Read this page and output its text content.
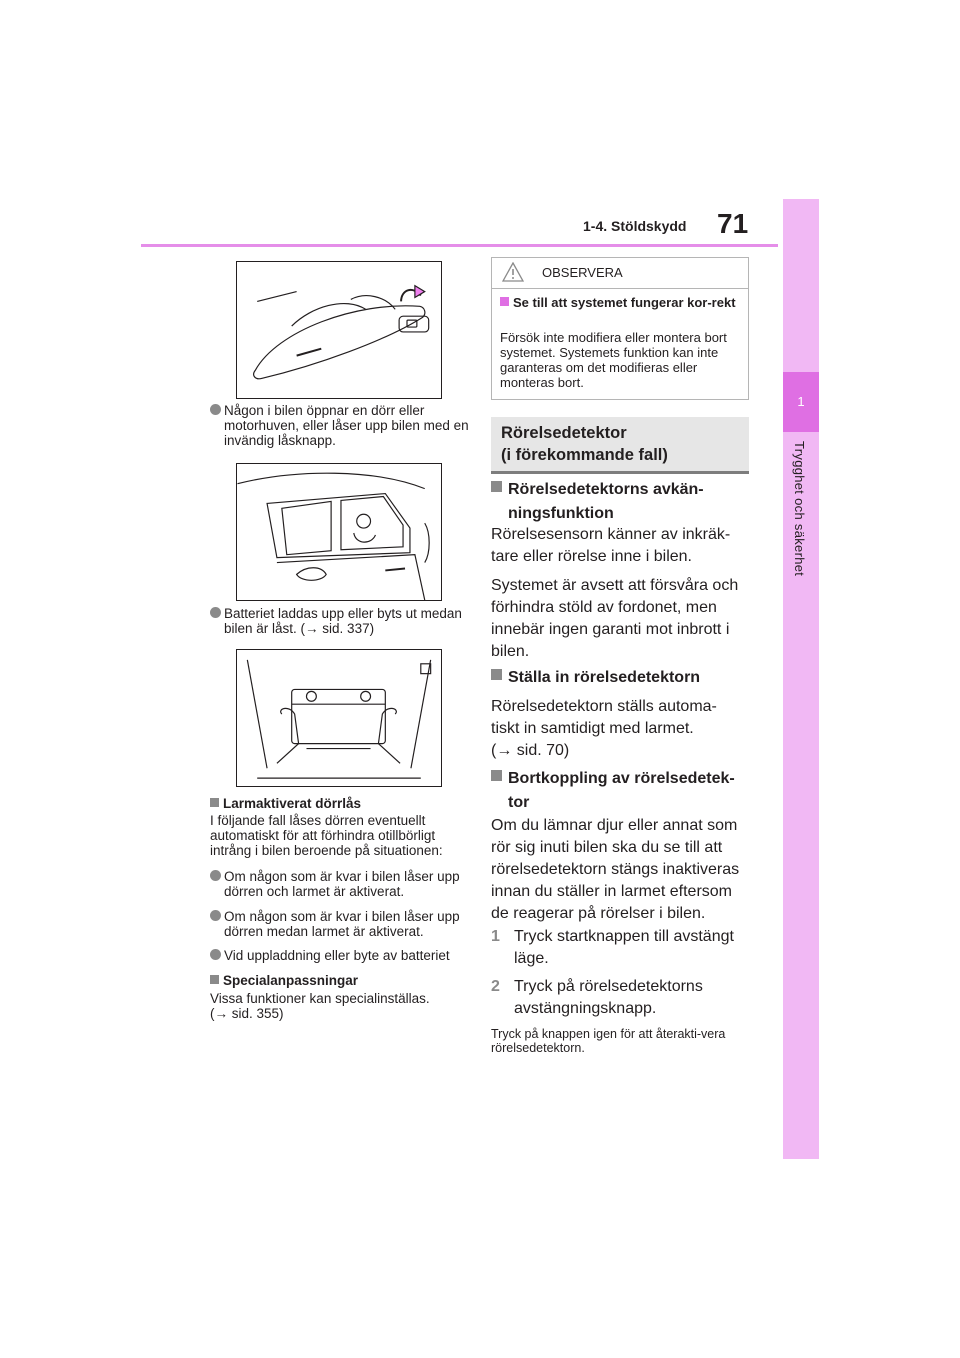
1-4. Stöldskydd 71
1
Trygghet och säkerhet
Någon i bilen öppnar en dörr eller motorhuven, eller låser upp bilen med en invändig låsknapp.
Batteriet laddas upp eller byts ut medan bilen är låst. (→ sid. 337)
Larmaktiverat dörrlås
I följande fall låses dörren eventuellt automatiskt för att förhindra otillbörligt intrång i bilen beroende på situationen:
Om någon som är kvar i bilen låser upp dörren och larmet är aktiverat.
Om någon som är kvar i bilen låser upp dörren medan larmet är aktiverat.
Vid uppladdning eller byte av batteriet
Specialanpassningar
Vissa funktioner kan specialinställas.
(→ sid. 355)
OBSERVERA
Se till att systemet fungerar kor-rekt
Försök inte modifiera eller montera bort systemet. Systemets funktion kan inte garanteras om det modifieras eller monteras bort.
Rörelsedetektor
(i förekommande fall)
Rörelsedetektorns avkän-
ningsfunktion
Rörelsesensorn känner av inkräk-tare eller rörelse inne i bilen.
Systemet är avsett att försvåra och förhindra stöld av fordonet, men innebär ingen garanti mot inbrott i bilen.
Ställa in rörelsedetektorn
Rörelsedetektorn ställs automa-tiskt in samtidigt med larmet.
(→ sid. 70)
Bortkoppling av rörelsedetek-
tor
Om du lämnar djur eller annat som rör sig inuti bilen ska du se till att rörelsedetektorn stängs inaktiveras innan du ställer in larmet eftersom de reagerar på rörelser i bilen.
1 Tryck startknappen till avstängt läge.
2 Tryck på rörelsedetektorns avstängningsknapp.
Tryck på knappen igen för att återakti-vera rörelsedetektorn.
